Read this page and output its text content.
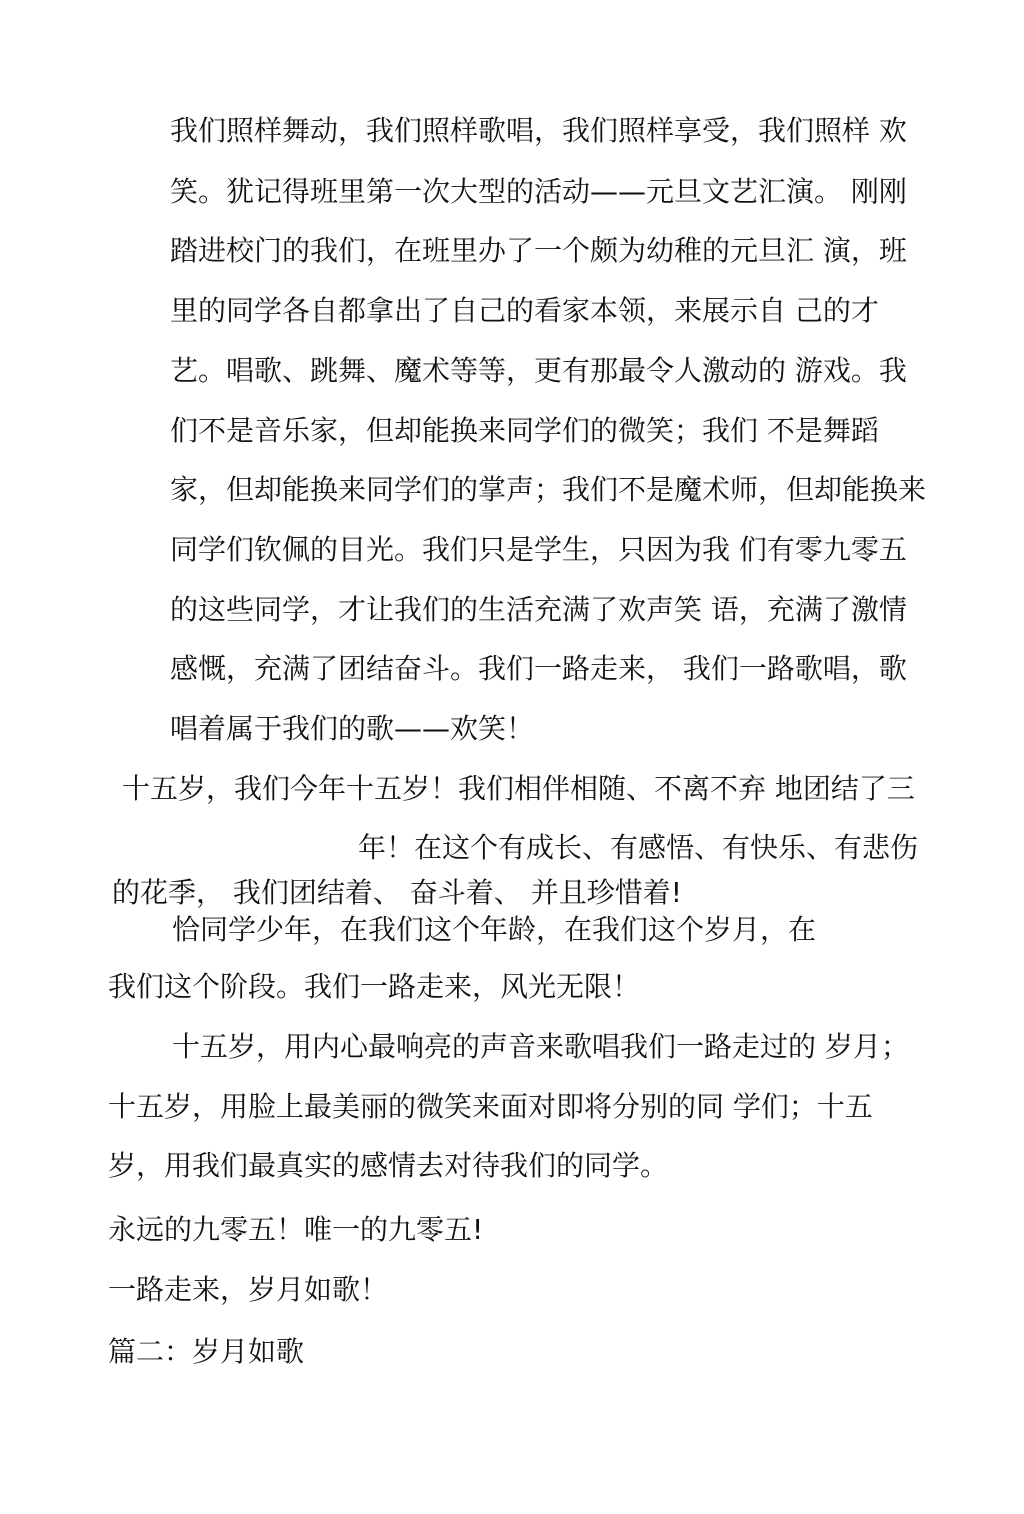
我们照样舞动，我们照样歌唱，我们照样享受，我们照样 欢
笑。犹记得班里第一次大型的活动——元旦文艺汇演。 刚刚
踏进校门的我们，在班里办了一个颇为幼稚的元旦汇 演，班
里的同学各自都拿出了自己的看家本领，来展示自 己的才
艺。唱歌、跳舞、魔术等等，更有那最令人激动的 游戏。我
们不是音乐家，但却能换来同学们的微笑；我们 不是舞蹈
家，但却能换来同学们的掌声；我们不是魔术师，但却能换来
同学们钦佩的目光。我们只是学生，只因为我 们有零九零五
的这些同学，才让我们的生活充满了欢声笑 语，充满了激情
感慨，充满了团结奋斗。我们一路走来， 我们一路歌唱，歌
唱着属于我们的歌——欢笑！
十五岁，我们今年十五岁！我们相伴相随、不离不弃 地团结了三
年！在这个有成长、有感悟、有快乐、有悲伤
的花季， 我们团结着、 奋斗着、 并且珍惜着!
恰同学少年，在我们这个年龄，在我们这个岁月，在
我们这个阶段。我们一路走来，风光无限！
十五岁，用内心最响亮的声音来歌唱我们一路走过的 岁月；
十五岁，用脸上最美丽的微笑来面对即将分别的同 学们；十五
岁，用我们最真实的感情去对待我们的同学。
永远的九零五！唯一的九零五!
一路走来，岁月如歌！
篇二：岁月如歌
